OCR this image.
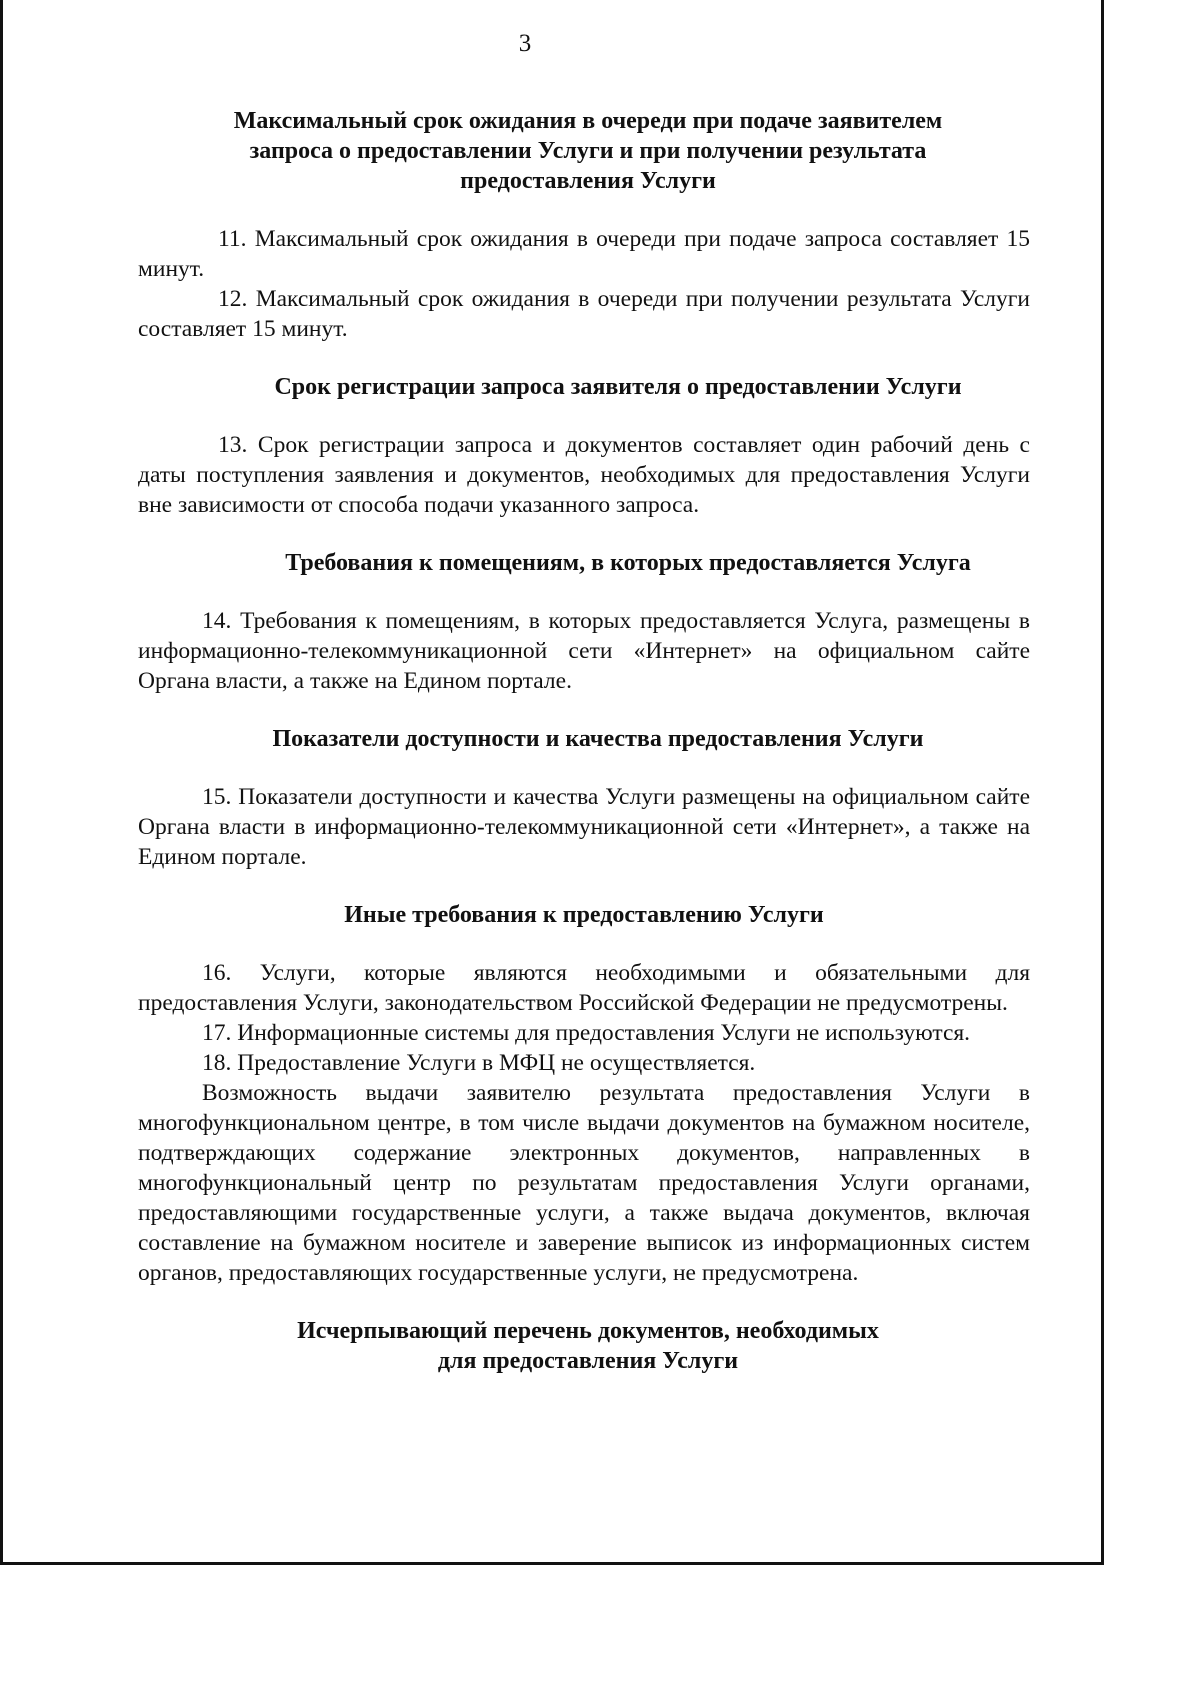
3
Максимальный срок ожидания в очереди при подаче заявителем
запроса о предоставлении Услуги и при получении результата
предоставления Услуги

11. Максимальный срок ожидания в очереди при подаче запроса составляет 15 минут.

12. Максимальный срок ожидания в очереди при получении результата Услуги составляет 15 минут.

Срок регистрации запроса заявителя о предоставлении Услуги

13. Срок регистрации запроса и документов составляет один рабочий день с даты поступления заявления и документов, необходимых для предоставления Услуги вне зависимости от способа подачи указанного запроса.

Требования к помещениям, в которых предоставляется Услуга

14. Требования к помещениям, в которых предоставляется Услуга, размещены в информационно-телекоммуникационной сети «Интернет» на официальном сайте Органа власти, а также на Едином портале.

Показатели доступности и качества предоставления Услуги

15. Показатели доступности и качества Услуги размещены на официальном сайте Органа власти в информационно-телекоммуникационной сети «Интернет», а также на Едином портале.

Иные требования к предоставлению Услуги

16. Услуги, которые являются необходимыми и обязательными для предоставления Услуги, законодательством Российской Федерации не предусмотрены.

17. Информационные системы для предоставления Услуги не используются.

18. Предоставление Услуги в МФЦ не осуществляется.

Возможность выдачи заявителю результата предоставления Услуги в многофункциональном центре, в том числе выдачи документов на бумажном носителе, подтверждающих содержание электронных документов, направленных в многофункциональный центр по результатам предоставления Услуги органами, предоставляющими государственные услуги, а также выдача документов, включая составление на бумажном носителе и заверение выписок из информационных систем органов, предоставляющих государственные услуги, не предусмотрена.

Исчерпывающий перечень документов, необходимых
для предоставления Услуги
